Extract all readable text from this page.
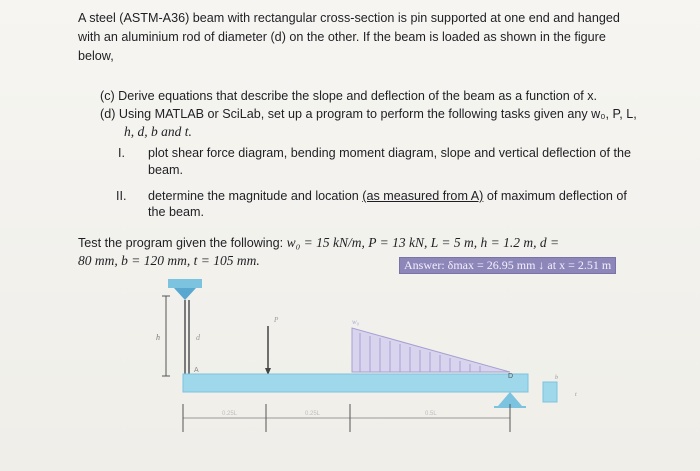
A steel (ASTM-A36) beam with rectangular cross-section is pin supported at one end and hanged
with an aluminium rod of diameter (d) on the other. If the beam is loaded as shown in the figure
below,
(c) Derive equations that describe the slope and deflection of the beam as a function of x.
(d) Using MATLAB or SciLab, set up a program to perform the following tasks given any w₀, P, L,
h, d, b and t.
I. plot shear force diagram, bending moment diagram, slope and vertical deflection of the
beam.
II. determine the magnitude and location (as measured from A) of maximum deflection of
the beam.
Test the program given the following: w₀ = 15 kN/m, P = 13 kN, L = 5 m, h = 1.2 m, d =
80 mm, b = 120 mm, t = 105 mm.	Answer: δmax = 26.95 mm ↓ at x = 2.51 m
h	d
P	w₀
A
D	b
t
0.25L	0.25L	0.5L
